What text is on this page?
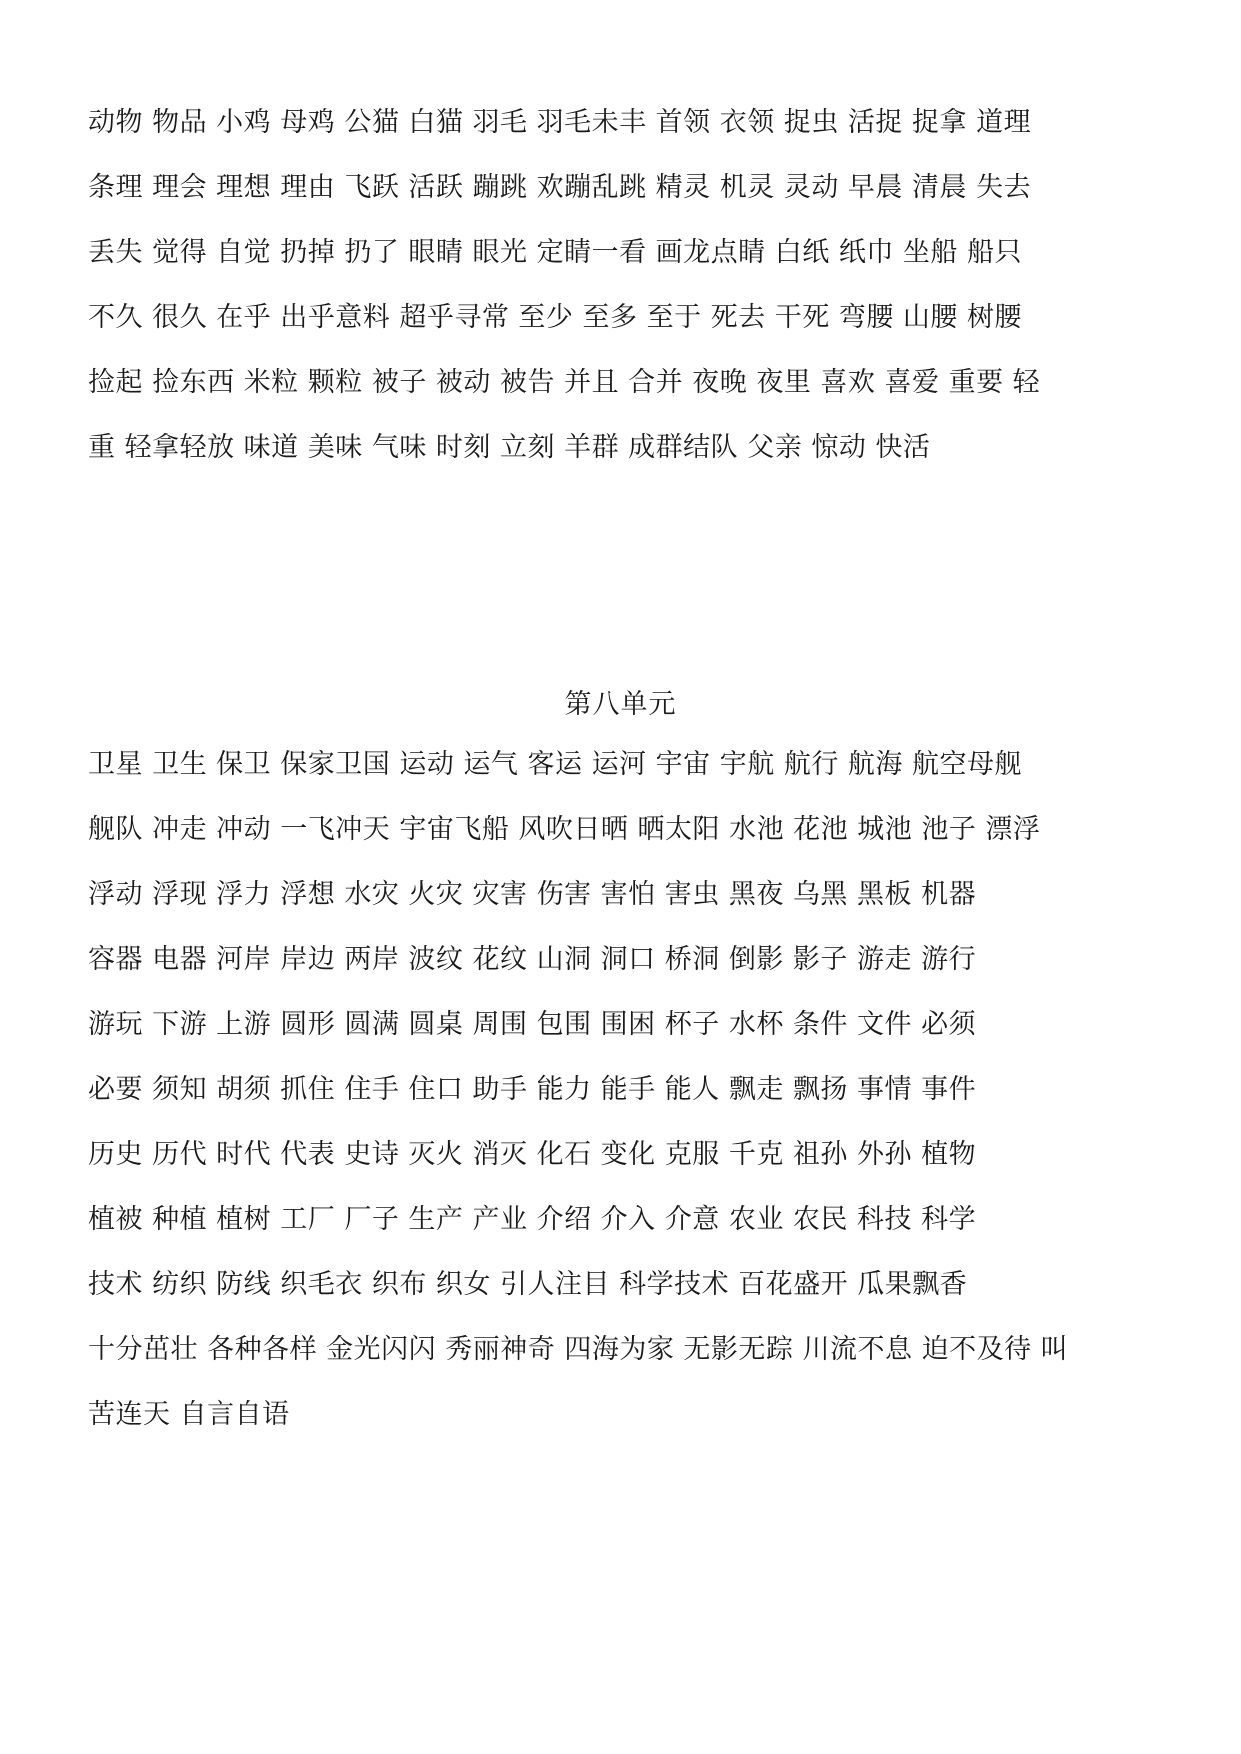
动物 物品 小鸡 母鸡 公猫 白猫 羽毛 羽毛未丰 首领 衣领 捉虫 活捉 捉拿 道理
条理 理会 理想 理由 飞跃 活跃 蹦跳 欢蹦乱跳 精灵 机灵 灵动 早晨 清晨 失去
丢失 觉得 自觉 扔掉 扔了 眼睛 眼光 定睛一看 画龙点睛 白纸 纸巾 坐船 船只
不久 很久 在乎 出乎意料 超乎寻常 至少 至多 至于 死去 干死 弯腰 山腰 树腰
捡起 捡东西 米粒 颗粒 被子 被动 被告 并且 合并 夜晚 夜里 喜欢 喜爱 重要 轻
重 轻拿轻放 味道 美味 气味 时刻 立刻 羊群 成群结队 父亲 惊动 快活
第八单元
卫星 卫生 保卫 保家卫国 运动 运气 客运 运河 宇宙 宇航 航行 航海 航空母舰
舰队 冲走 冲动 一飞冲天 宇宙飞船 风吹日晒 晒太阳 水池 花池 城池 池子 漂浮
浮动 浮现 浮力 浮想 水灾 火灾 灾害 伤害 害怕 害虫 黑夜 乌黑 黑板 机器
容器 电器 河岸 岸边 两岸 波纹 花纹 山洞 洞口 桥洞 倒影 影子 游走 游行
游玩 下游 上游 圆形 圆满 圆桌 周围 包围 围困 杯子 水杯 条件 文件 必须
必要 须知 胡须 抓住 住手 住口 助手 能力 能手 能人 飘走 飘扬 事情 事件
历史 历代 时代 代表 史诗 灭火 消灭 化石 变化 克服 千克 祖孙 外孙 植物
植被 种植 植树 工厂 厂子 生产 产业 介绍 介入 介意 农业 农民 科技 科学
技术 纺织 防线 织毛衣 织布 织女 引人注目 科学技术 百花盛开 瓜果飘香
十分茁壮 各种各样 金光闪闪 秀丽神奇 四海为家 无影无踪 川流不息 迫不及待 叫
苦连天 自言自语
